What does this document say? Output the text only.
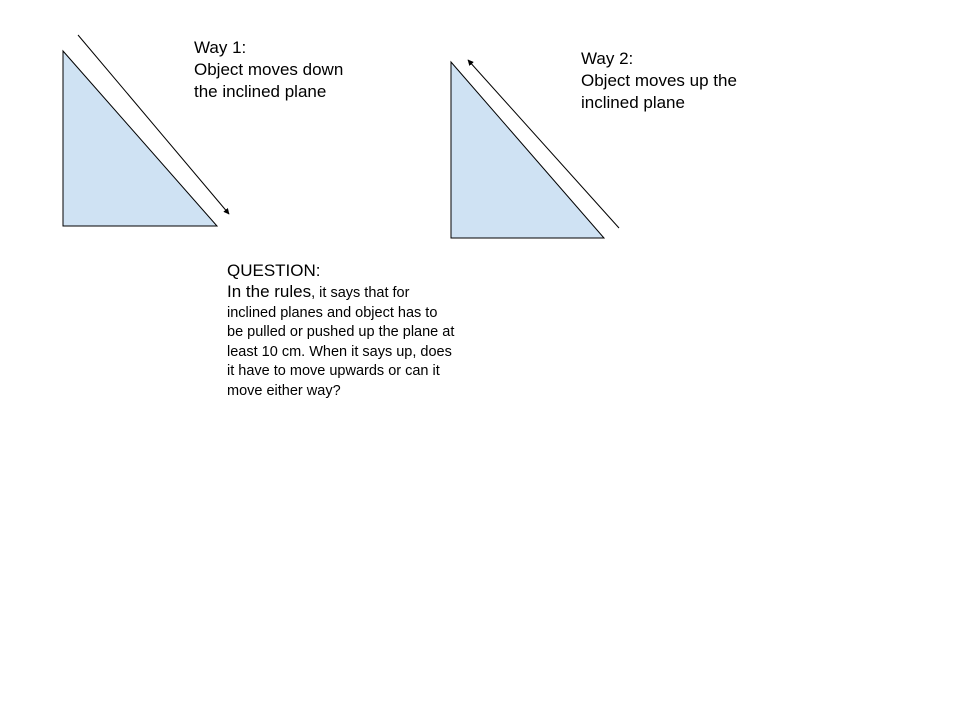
Way 1:
Object moves down
the inclined plane
Way 2:
Object moves up the
inclined plane
QUESTION:
In the rules, it says that for
inclined planes and object has to
be pulled or pushed up the plane at
least 10 cm. When it says up, does
it have to move upwards or can it
move either way?
